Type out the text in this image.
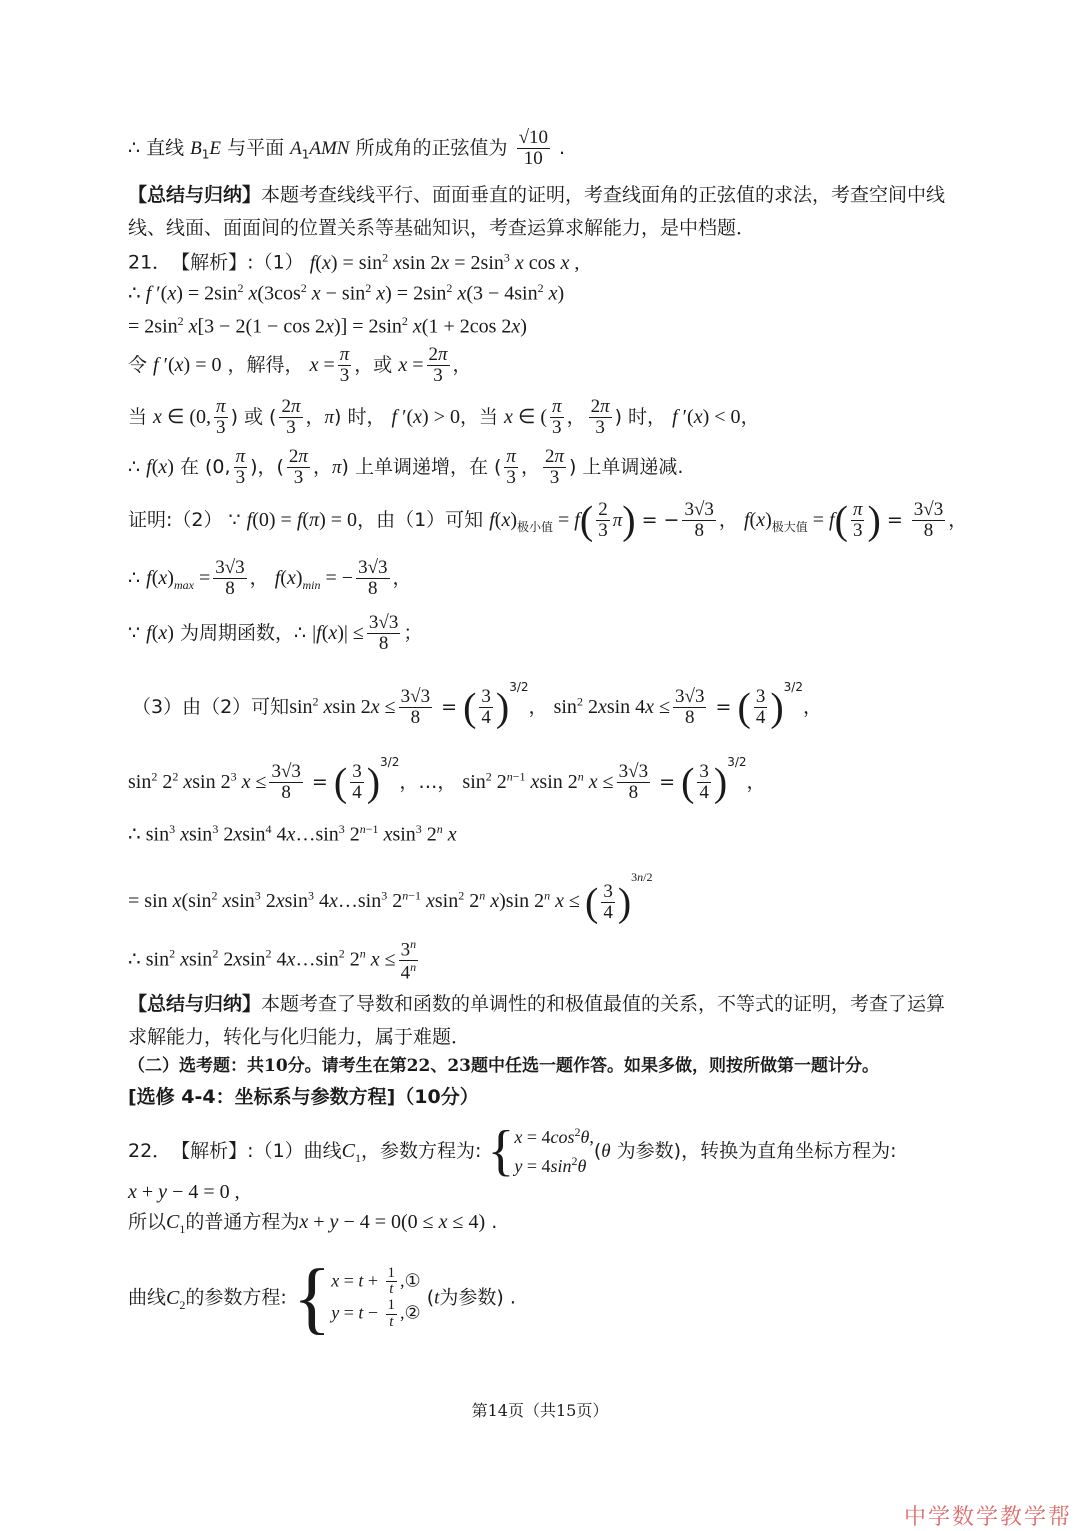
∴ 直线 $B_1E$ 与平面 $A_1AMN$ 所成角的正弦值为 $\frac{√10}{10}$ .
【总结与归纳】本题考查线线平行、面面垂直的证明，考查线面角的正弦值的求法，考查空间中线
线、线面、面面间的位置关系等基础知识，考查运算求解能力，是中档题．
21．　【解析】:（1） $f(x) = \sin^2 xsin$ $2x = 2\sin^3$ x cos x ,
∴ f $'(x) = 2\sin^2$ $x(3\cos^2$ $x - \sin^2 x) = 2\sin^2$ $x(3 - 4\sin^2$ x)
= $2\sin^2$ $x[3 - 2(1 - \cos 2x)] = 2\sin^2$ x(1 + 2cos 2x)
令 f ′(x) = 0 ，解得， $x = \frac{\pi}{3}$ ，或 $x = \frac{2\pi}{3}$ ，
当 x ∈ (0, $\frac{\pi}{3}$ ) 或 ( $\frac{2\pi}{3}$ ，π) 时， f ′(x) > 0，当 x ∈ ( $\frac{\pi}{3}$ ， $\frac{2\pi}{3}$ ) 时， f ′(x) < 0，
∴ f(x) 在 (0, $\frac{\pi}{3}$ )，( $\frac{2\pi}{3}$ ，π) 上单调递增，在 ( $\frac{\pi}{3}$ ， $\frac{2\pi}{3}$ ) 上单调递减.
证明:（2） ∵ f(0) = f(π) = 0，由（1）可知 $f(x)_{极小值} = f( \frac{2}{3} \pi)$ = − $\frac{3√3}{8}$ ， $f(x)_{极大值} = f( \frac{\pi}{3}$ ) = $\frac{3√3}{8}$ ，
∴ $f(x)_{max} = \frac{3√3}{8}$ ， $f(x)_{min}$ = − $\frac{3√3}{8}$ ，
∵ f(x) 为周期函数，∴ $|f(x)| \le \frac{3√3}{8}$ ；
（3）由（2）可知$\sin^2 xsin$ $2x \le \frac{3√3}{8}$ = ( $\frac{3}{4} )^{3/2}$， $\sin^2 2xsin$ $4x \le \frac{3√3}{8}$ = ( $\frac{3}{4} )^{3/2}$，
$\sin^2 2^2$ xsin $2^3$ $x \le \frac{3√3}{8}$ = ( $\frac{3}{4} )^{3/2}$，…， $\sin^2 2^{n-1}$ xsin 2$^n$ $x \le \frac{3√3}{8}$ = ( $\frac{3}{4} )^{3/2}$，
∴ $\sin^3 xsin^3$ 2xsin$^4$ $4x\dots\sin^3$ $2^{n-1}$ xsin$^3$ 2$^n$ x
= $\sin x(\sin^2$ xsin$^3$ 2xsin$^3$ $4x\dots\sin^3$ $2^{n-1}$ xsin$^2$ 2$^n$ x)sin 2$^n$ x ≤ ( $\frac{3}{4} )^{3n/2}$
∴ $\sin^2 xsin^2$ 2xsin$^2$ $4x\dots\sin^2$ 2$^n$ $x \le \frac{3^n}{4^n}$
【总结与归纳】本题考查了导数和函数的单调性的和极值最值的关系，不等式的证明，考查了运算
求解能力，转化与化归能力，属于难题．
（二）选考题：共10分。请考生在第22、23题中任选一题作答。如果多做，则按所做第一题计分。
[选修 4-4：坐标系与参数方程]（10分）
22．　【解析】:（1）曲线$C_1$，参数方程为: { $x = 4\cos^2\theta$,
$y = 4\sin^2\theta$
(θ 为参数)，转换为直角坐标方程为:
x + y − 4 = 0 ,
所以$C_1$的普通方程为x + y − 4 = 0(0 ≤ x ≤ 4) .
曲线$C_2$的参数方程: { $x = t + \frac{1}{t}$ ,①
$y = t - \frac{1}{t}$ ,②
(t为参数) .
第14页（共15页）
中学数学教学帮
